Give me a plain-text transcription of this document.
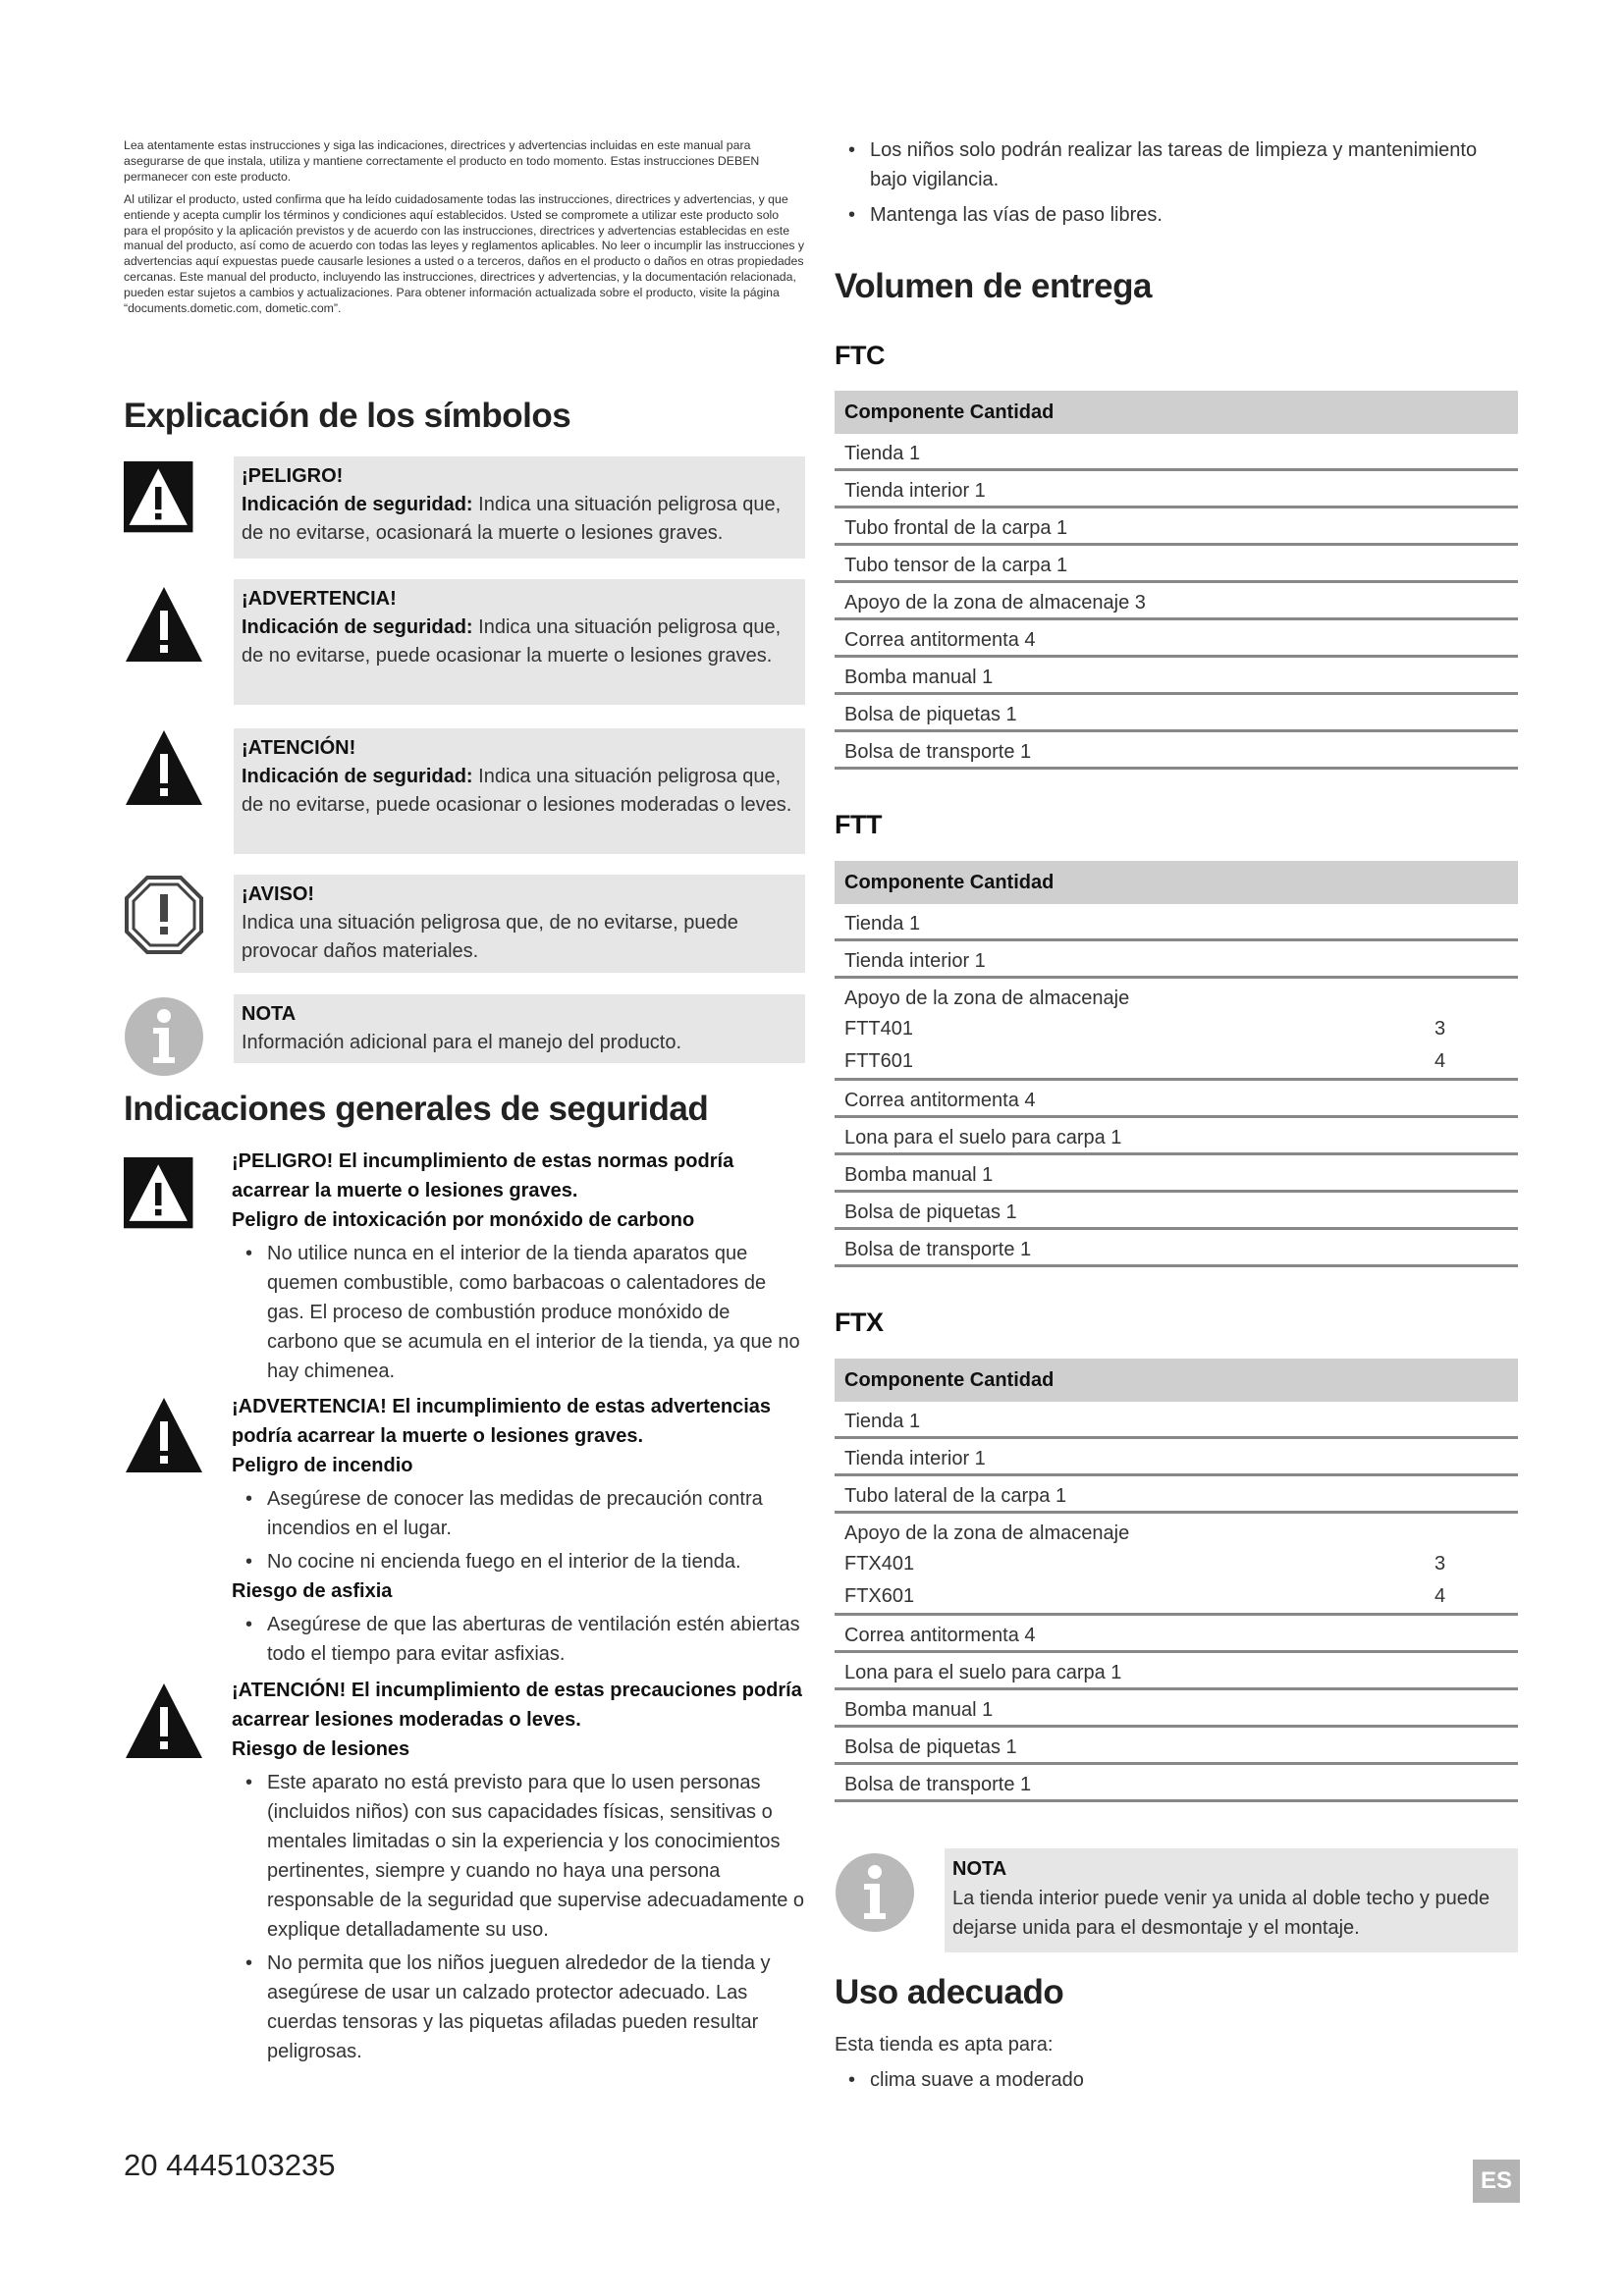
Lea atentamente estas instrucciones y siga las indicaciones, directrices y advertencias incluidas en este manual para asegurarse de que instala, utiliza y mantiene correctamente el producto en todo momento. Estas instrucciones DEBEN permanecer con este producto.

Al utilizar el producto, usted confirma que ha leído cuidadosamente todas las instrucciones, directrices y advertencias, y que entiende y acepta cumplir los términos y condiciones aquí establecidos. Usted se compromete a utilizar este producto solo para el propósito y la aplicación previstos y de acuerdo con las instrucciones, directrices y advertencias establecidas en este manual del producto, así como de acuerdo con todas las leyes y reglamentos aplicables. No leer o incumplir las instrucciones y advertencias aquí expuestas puede causarle lesiones a usted o a terceros, daños en el producto o daños en otras propiedades cercanas. Este manual del producto, incluyendo las instrucciones, directrices y advertencias, y la documentación relacionada, pueden estar sujetos a cambios y actualizaciones. Para obtener información actualizada sobre el producto, visite la página “documents.dometic.com, dometic.com”.

Explicación de los símbolos
¡PELIGRO!
Indicación de seguridad: Indica una situación peligrosa que, de no evitarse, ocasionará la muerte o lesiones graves.
¡ADVERTENCIA!
Indicación de seguridad: Indica una situación peligrosa que, de no evitarse, puede ocasionar la muerte o lesiones graves.
¡ATENCIÓN!
Indicación de seguridad: Indica una situación peligrosa que, de no evitarse, puede ocasionar o lesiones moderadas o leves.
¡AVISO!
Indica una situación peligrosa que, de no evitarse, puede provocar daños materiales.
NOTA
Información adicional para el manejo del producto.
Indicaciones generales de seguridad
¡PELIGRO! El incumplimiento de estas normas podría acarrear la muerte o lesiones graves.
Peligro de intoxicación por monóxido de carbono
• No utilice nunca en el interior de la tienda aparatos que quemen combustible, como barbacoas o calentadores de gas. El proceso de combustión produce monóxido de carbono que se acumula en el interior de la tienda, ya que no hay chimenea.
¡ADVERTENCIA! El incumplimiento de estas advertencias podría acarrear la muerte o lesiones graves.
Peligro de incendio
• Asegúrese de conocer las medidas de precaución contra incendios en el lugar.
• No cocine ni encienda fuego en el interior de la tienda.
Riesgo de asfixia
• Asegúrese de que las aberturas de ventilación estén abiertas todo el tiempo para evitar asfixias.
¡ATENCIÓN! El incumplimiento de estas precauciones podría acarrear lesiones moderadas o leves.
Riesgo de lesiones
• Este aparato no está previsto para que lo usen personas (incluidos niños) con sus capacidades físicas, sensitivas o mentales limitadas o sin la experiencia y los conocimientos pertinentes, siempre y cuando no haya una persona responsable de la seguridad que supervise adecuadamente o explique detalladamente su uso.
• No permita que los niños jueguen alrededor de la tienda y asegúrese de usar un calzado protector adecuado. Las cuerdas tensoras y las piquetas afiladas pueden resultar peligrosas.
• Los niños solo podrán realizar las tareas de limpieza y mantenimiento bajo vigilancia.
• Mantenga las vías de paso libres.
Volumen de entrega
FTC
Componente Cantidad
Tienda 1
Tienda interior 1
Tubo frontal de la carpa 1
Tubo tensor de la carpa 1
Apoyo de la zona de almacenaje 3
Correa antitormenta 4
Bomba manual 1
Bolsa de piquetas 1
Bolsa de transporte 1
FTT
Componente Cantidad
Tienda 1
Tienda interior 1
Apoyo de la zona de almacenaje
FTT401	3
FTT601	4
Correa antitormenta 4
Lona para el suelo para carpa 1
Bomba manual 1
Bolsa de piquetas 1
Bolsa de transporte 1
FTX
Componente Cantidad
Tienda 1
Tienda interior 1
Tubo lateral de la carpa 1
Apoyo de la zona de almacenaje
FTX401	3
FTX601	4
Correa antitormenta 4
Lona para el suelo para carpa 1
Bomba manual 1
Bolsa de piquetas 1
Bolsa de transporte 1
NOTA
La tienda interior puede venir ya unida al doble techo y puede dejarse unida para el desmontaje y el montaje.
Uso adecuado
Esta tienda es apta para:
• clima suave a moderado
20 4445103235	ES
